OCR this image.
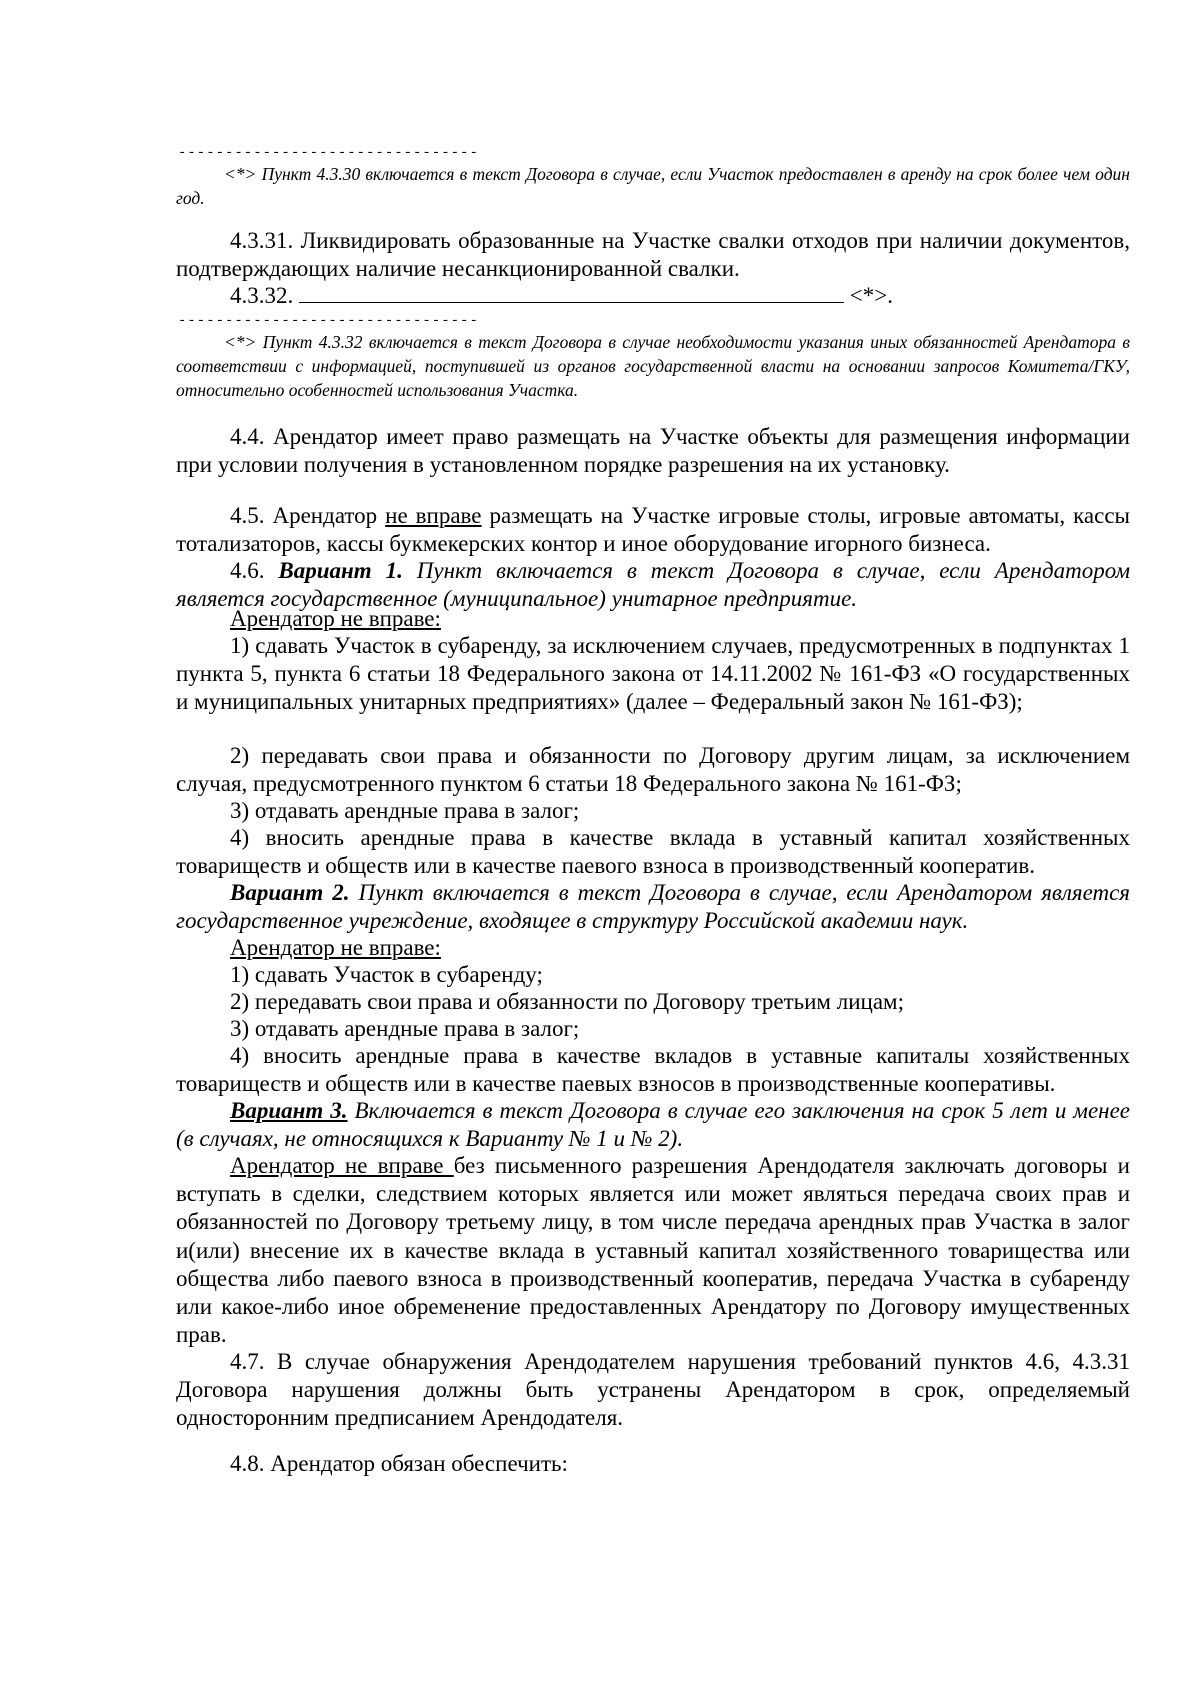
--------------------------------

<*> Пункт 4.3.30 включается в текст Договора в случае, если Участок предоставлен в аренду на срок более чем один год.

4.3.31. Ликвидировать образованные на Участке свалки отходов при наличии документов, подтверждающих наличие несанкционированной свалки.

4.3.32.	<*>.

--------------------------------

<*> Пункт 4.3.32 включается в текст Договора в случае необходимости указания иных обязанностей Арендатора в соответствии с информацией, поступившей из органов государственной власти на основании запросов Комитета/ГКУ, относительно особенностей использования Участка.

4.4. Арендатор имеет право размещать на Участке объекты для размещения информации при условии получения в установленном порядке разрешения на их установку.

4.5. Арендатор не вправе размещать на Участке игровые столы, игровые автоматы, кассы тотализаторов, кассы букмекерских контор и иное оборудование игорного бизнеса.

4.6. Вариант 1. Пункт включается в текст Договора в случае, если Арендатором является государственное (муниципальное) унитарное предприятие.

Арендатор не вправе:

1) сдавать Участок в субаренду, за исключением случаев, предусмотренных в подпунктах 1 пункта 5, пункта 6 статьи 18 Федерального закона от 14.11.2002 № 161-ФЗ «О государственных и муниципальных унитарных предприятиях» (далее – Федеральный закон № 161-ФЗ);

2) передавать свои права и обязанности по Договору другим лицам, за исключением случая, предусмотренного пунктом 6 статьи 18 Федерального закона № 161-ФЗ;

3) отдавать арендные права в залог;

4) вносить арендные права в качестве вклада в уставный капитал хозяйственных товариществ и обществ или в качестве паевого взноса в производственный кооператив.

Вариант 2. Пункт включается в текст Договора в случае, если Арендатором является государственное учреждение, входящее в структуру Российской академии наук.

Арендатор не вправе:

1) сдавать Участок в субаренду;

2) передавать свои права и обязанности по Договору третьим лицам;

3) отдавать арендные права в залог;

4) вносить арендные права в качестве вкладов в уставные капиталы хозяйственных товариществ и обществ или в качестве паевых взносов в производственные кооперативы.

Вариант 3. Включается в текст Договора в случае его заключения на срок 5 лет и менее (в случаях, не относящихся к Варианту № 1 и № 2).

Арендатор не вправе без письменного разрешения Арендодателя заключать договоры и вступать в сделки, следствием которых является или может являться передача своих прав и обязанностей по Договору третьему лицу, в том числе передача арендных прав Участка в залог и(или) внесение их в качестве вклада в уставный капитал хозяйственного товарищества или общества либо паевого взноса в производственный кооператив, передача Участка в субаренду или какое-либо иное обременение предоставленных Арендатору по Договору имущественных прав.

4.7. В случае обнаружения Арендодателем нарушения требований пунктов 4.6, 4.3.31 Договора нарушения должны быть устранены Арендатором в срок, определяемый односторонним предписанием Арендодателя.

4.8. Арендатор обязан обеспечить:
